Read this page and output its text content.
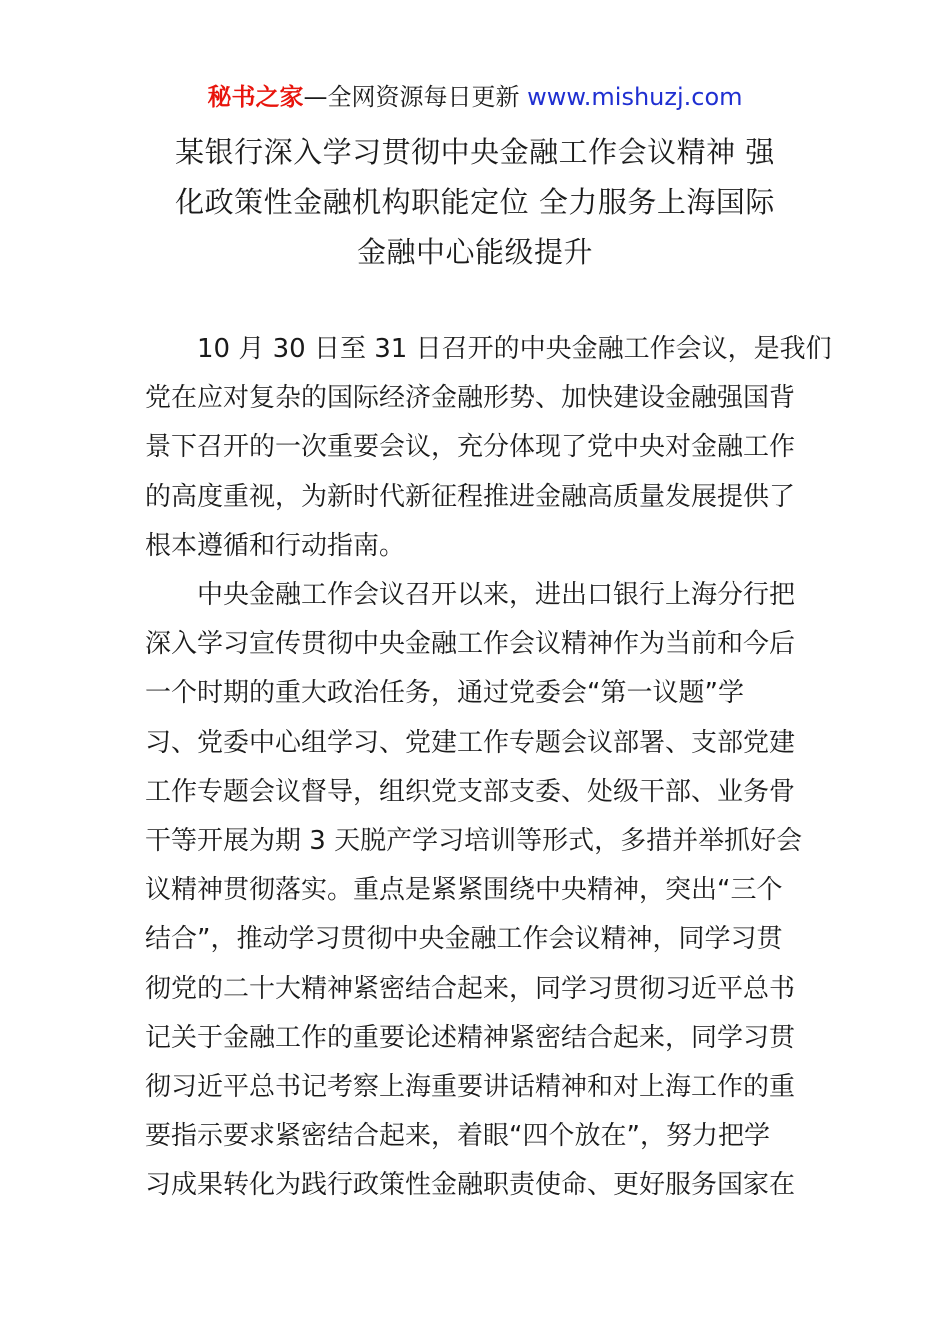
秘书之家—全网资源每日更新 www.mishuzj.com
某银行深入学习贯彻中央金融工作会议精神 强
化政策性金融机构职能定位 全力服务上海国际
金融中心能级提升
　　10 月 30 日至 31 日召开的中央金融工作会议，是我们
党在应对复杂的国际经济金融形势、加快建设金融强国背
景下召开的一次重要会议，充分体现了党中央对金融工作
的高度重视，为新时代新征程推进金融高质量发展提供了
根本遵循和行动指南。
　　中央金融工作会议召开以来，进出口银行上海分行把
深入学习宣传贯彻中央金融工作会议精神作为当前和今后
一个时期的重大政治任务，通过党委会“第一议题”学
习、党委中心组学习、党建工作专题会议部署、支部党建
工作专题会议督导，组织党支部支委、处级干部、业务骨
干等开展为期 3 天脱产学习培训等形式，多措并举抓好会
议精神贯彻落实。重点是紧紧围绕中央精神，突出“三个
结合”，推动学习贯彻中央金融工作会议精神，同学习贯
彻党的二十大精神紧密结合起来，同学习贯彻习近平总书
记关于金融工作的重要论述精神紧密结合起来，同学习贯
彻习近平总书记考察上海重要讲话精神和对上海工作的重
要指示要求紧密结合起来，着眼“四个放在”，努力把学
习成果转化为践行政策性金融职责使命、更好服务国家在
